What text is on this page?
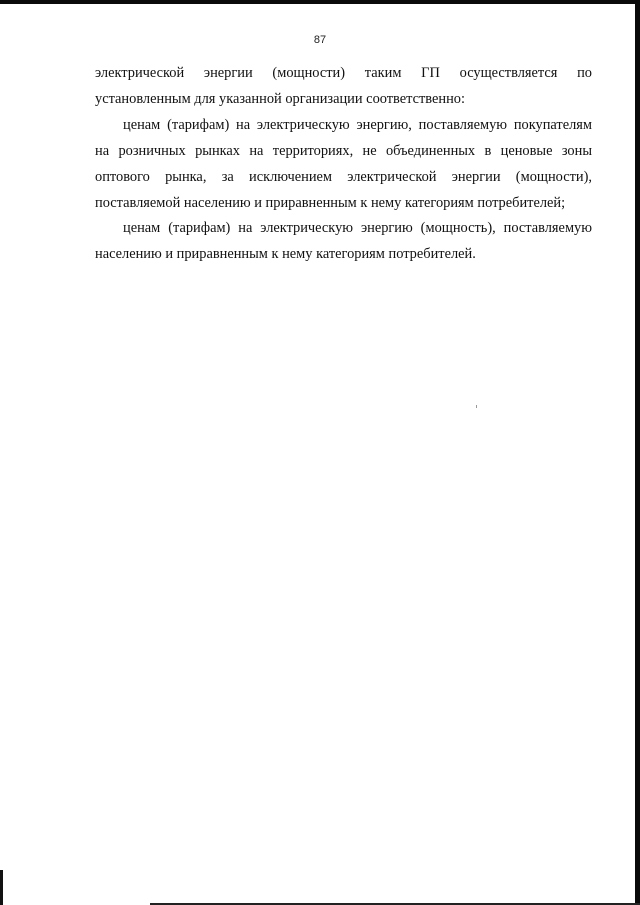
87

электрической энергии (мощности) таким ГП осуществляется по

установленным для указанной организации соответственно:

ценам (тарифам) на электрическую энергию, поставляемую покупателям

на розничных рынках на территориях, не объединенных в ценовые зоны

оптового рынка, за исключением электрической энергии (мощности),

поставляемой населению и приравненным к нему категориям потребителей;

ценам (тарифам) на электрическую энергию (мощность), поставляемую

населению и приравненным к нему категориям потребителей.
